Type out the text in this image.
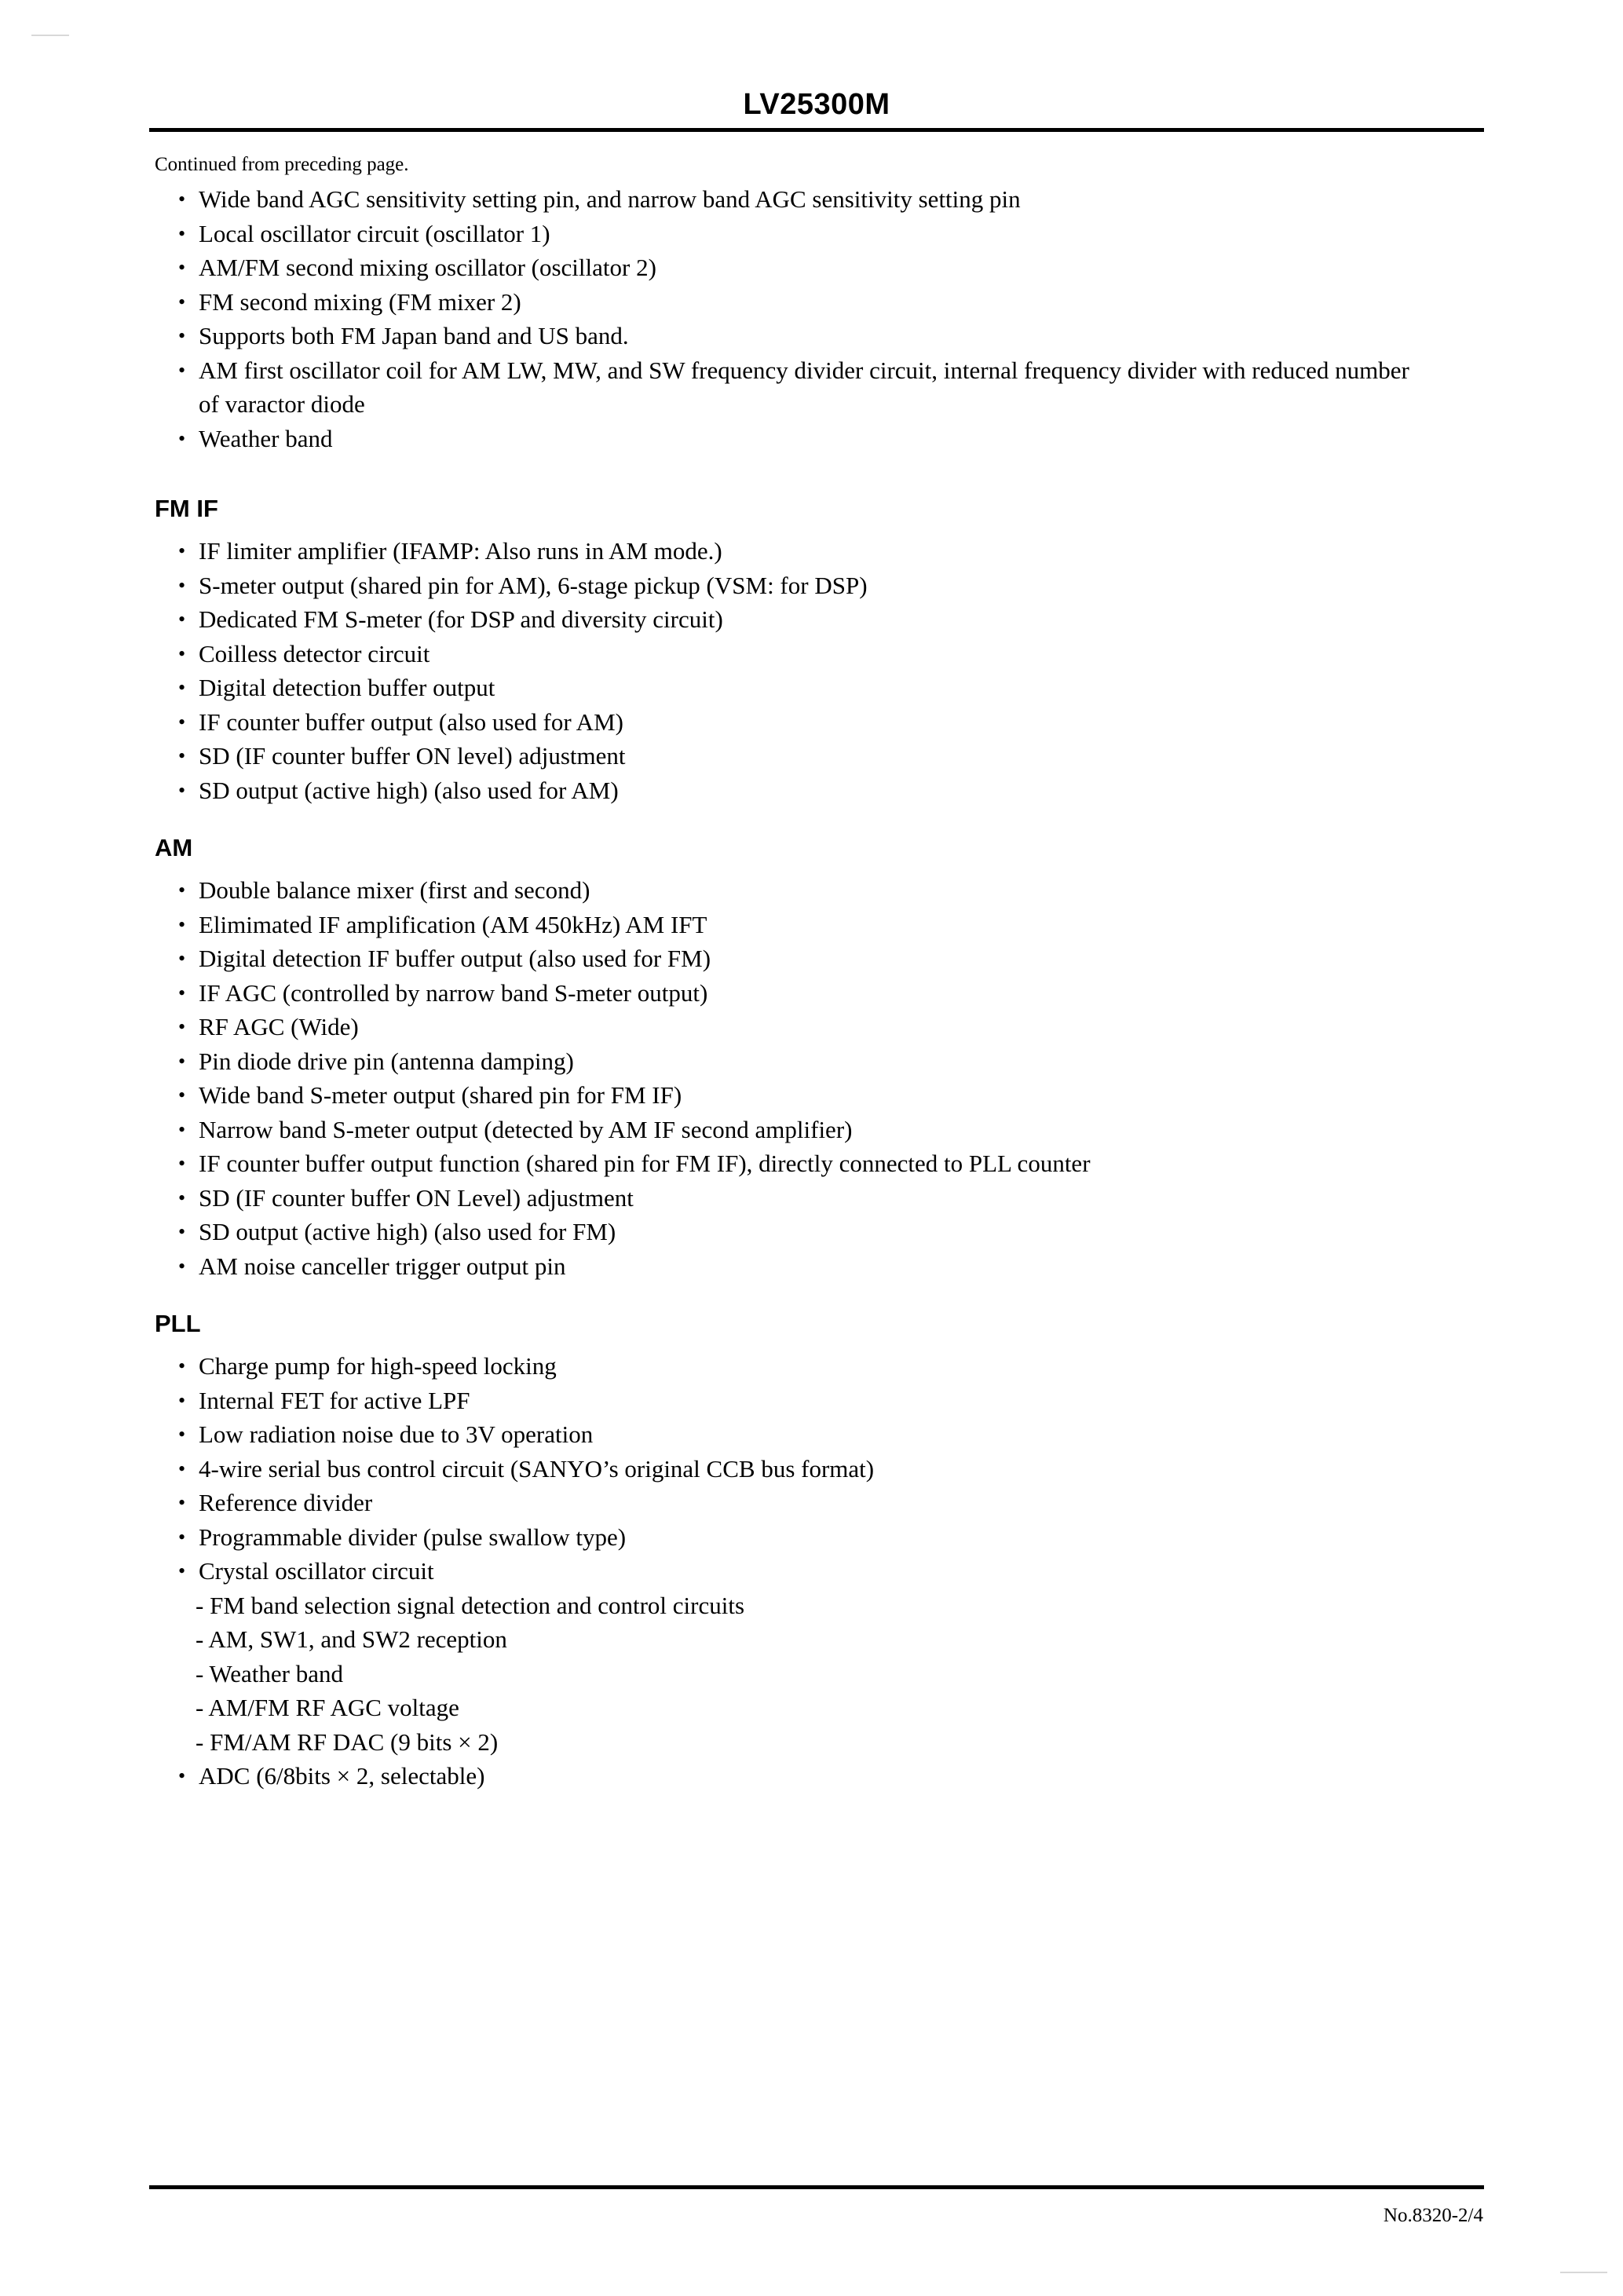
LV25300M
Continued from preceding page.
• Wide band AGC sensitivity setting pin, and narrow band AGC sensitivity setting pin
• Local oscillator circuit (oscillator 1)
• AM/FM second mixing oscillator (oscillator 2)
• FM second mixing (FM mixer 2)
• Supports both FM Japan band and US band.
• AM first oscillator coil for AM LW, MW, and SW frequency divider circuit, internal frequency divider with reduced number of varactor diode
• Weather band
FM IF
• IF limiter amplifier (IFAMP: Also runs in AM mode.)
• S-meter output (shared pin for AM), 6-stage pickup (VSM: for DSP)
• Dedicated FM S-meter (for DSP and diversity circuit)
• Coilless detector circuit
• Digital detection buffer output
• IF counter buffer output (also used for AM)
• SD (IF counter buffer ON level) adjustment
• SD output (active high) (also used for AM)
AM
• Double balance mixer (first and second)
• Elimimated IF amplification (AM 450kHz) AM IFT
• Digital detection IF buffer output (also used for FM)
• IF AGC (controlled by narrow band S-meter output)
• RF AGC (Wide)
• Pin diode drive pin (antenna damping)
• Wide band S-meter output (shared pin for FM IF)
• Narrow band S-meter output (detected by AM IF second amplifier)
• IF counter buffer output function (shared pin for FM IF), directly connected to PLL counter
• SD (IF counter buffer ON Level) adjustment
• SD output (active high) (also used for FM)
• AM noise canceller trigger output pin
PLL
• Charge pump for high-speed locking
• Internal FET for active LPF
• Low radiation noise due to 3V operation
• 4-wire serial bus control circuit (SANYO’s original CCB bus format)
• Reference divider
• Programmable divider (pulse swallow type)
• Crystal oscillator circuit
- FM band selection signal detection and control circuits
- AM, SW1, and SW2 reception
- Weather band
- AM/FM RF AGC voltage
- FM/AM RF DAC (9 bits × 2)
• ADC (6/8bits × 2, selectable)
No.8320-2/4
